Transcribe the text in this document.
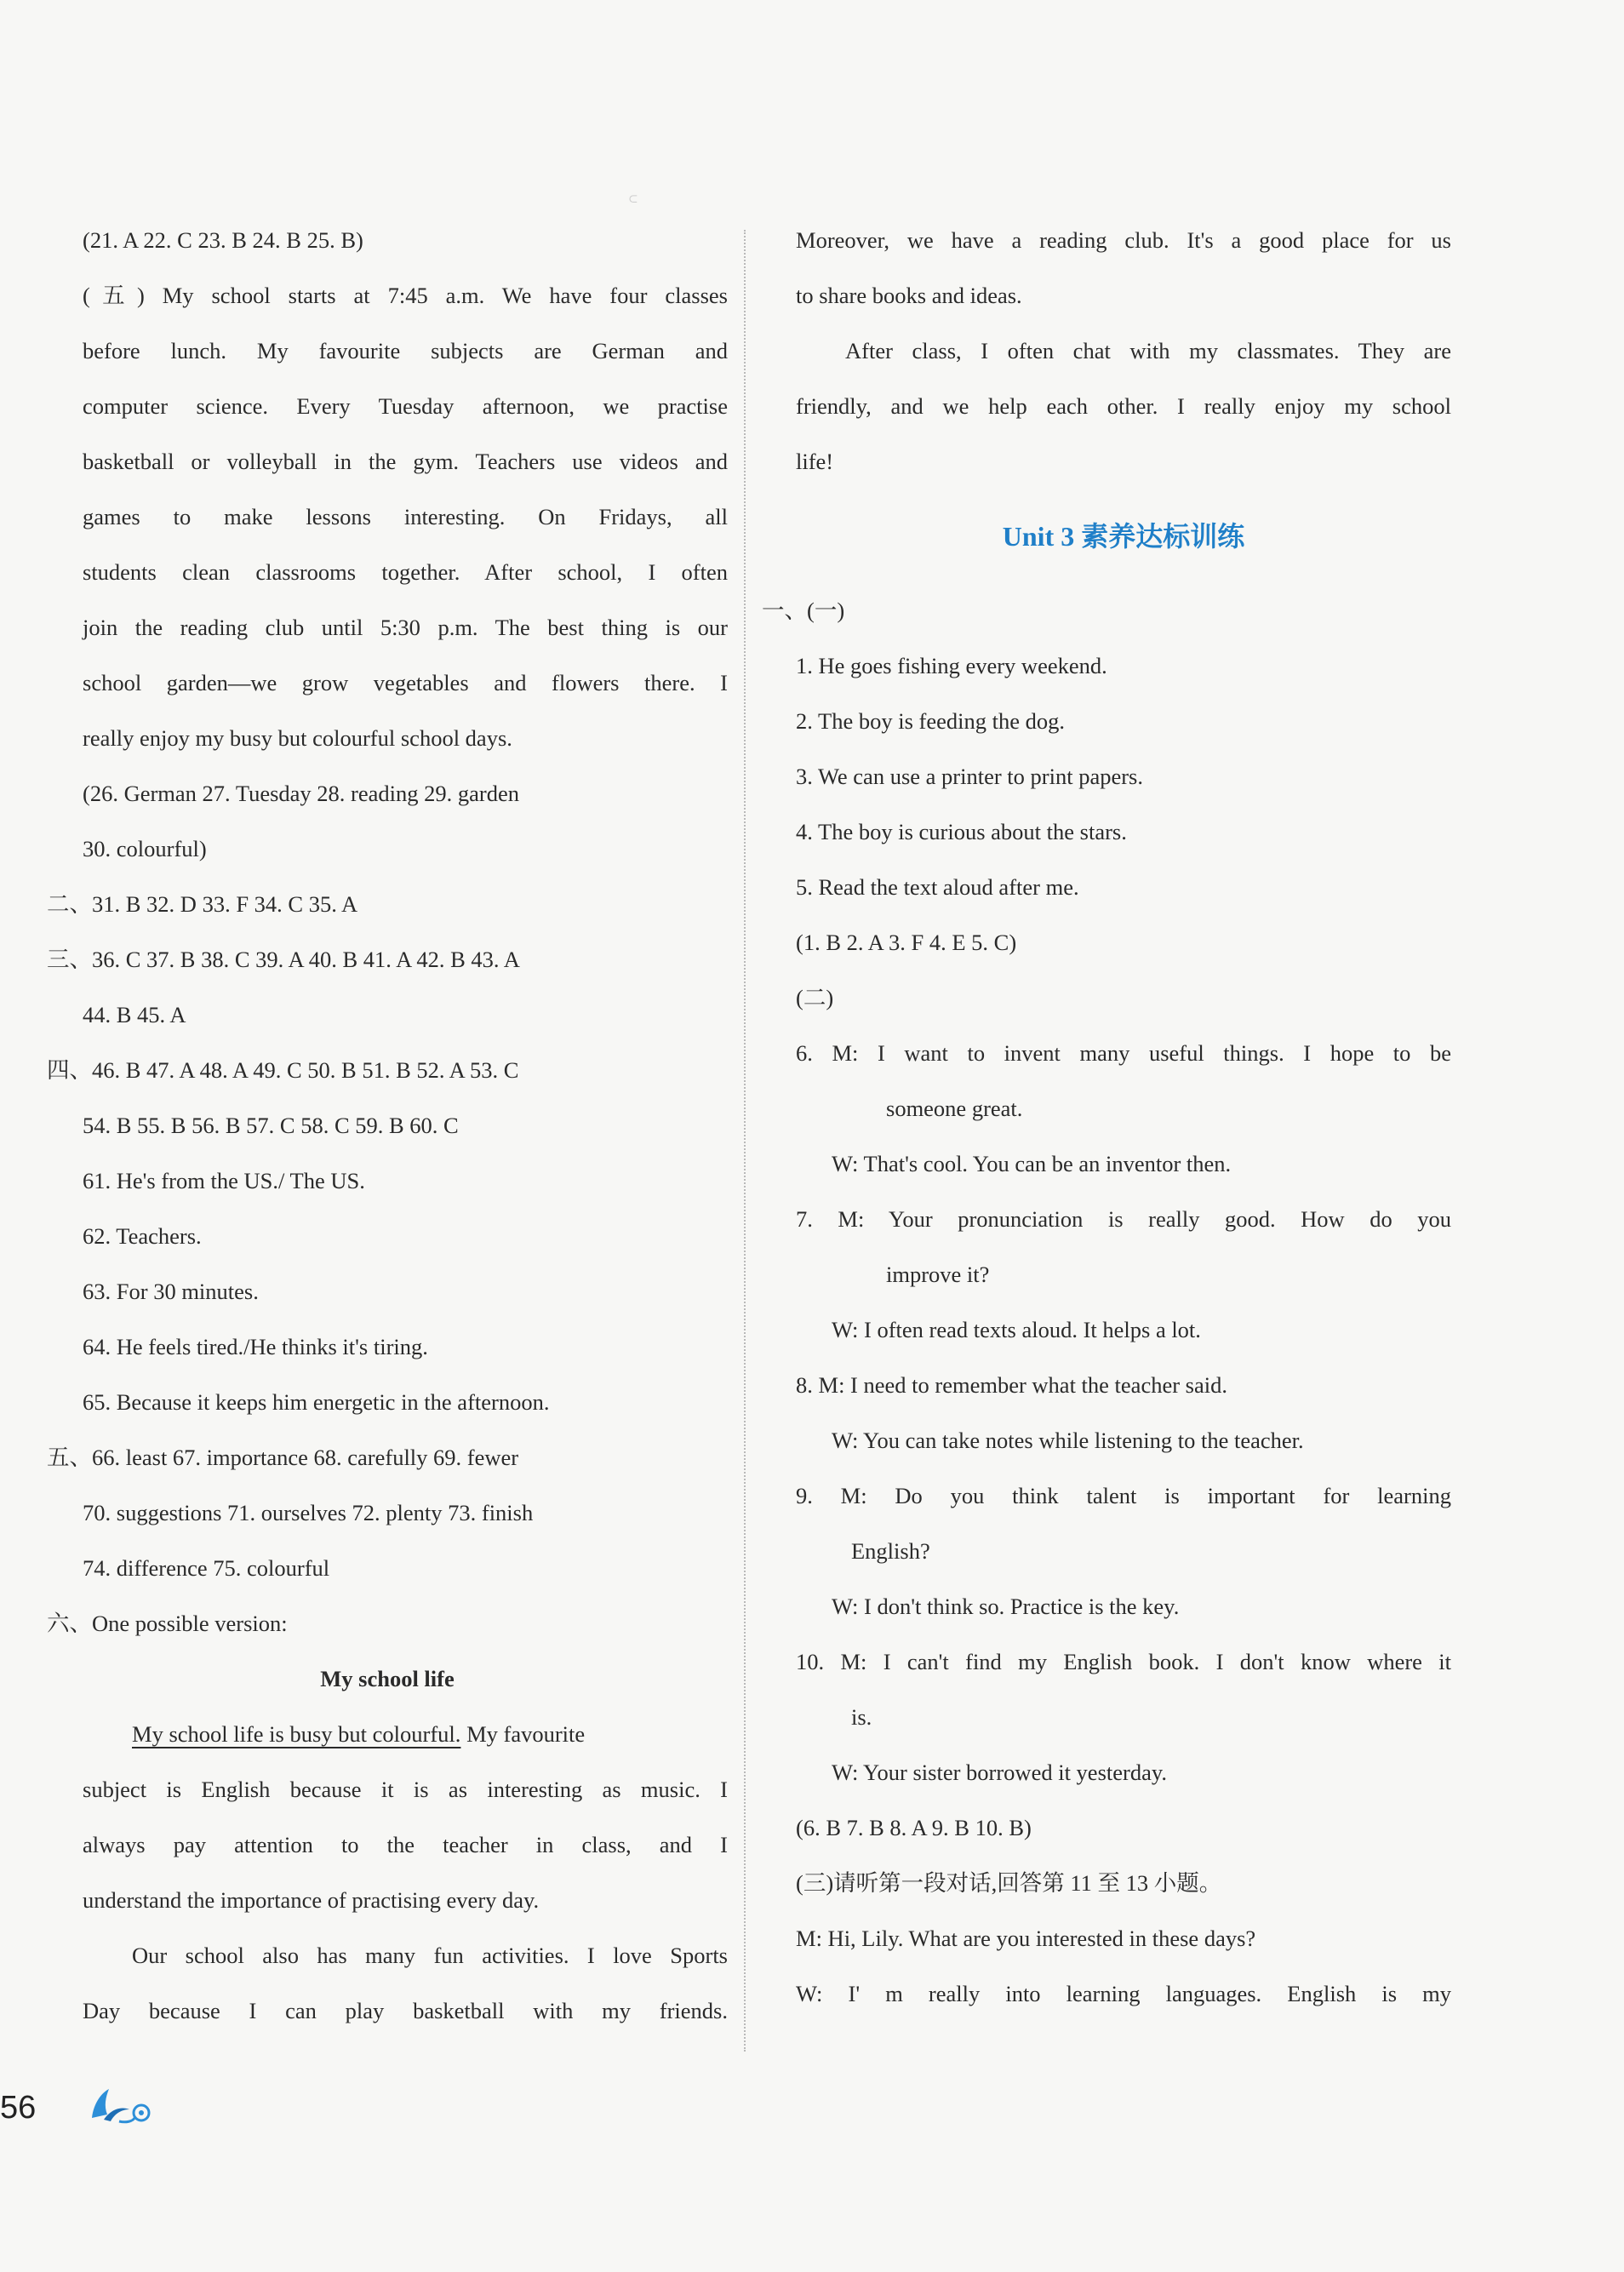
⊂
(21. A 22. C 23. B 24. B 25. B)
(五) My school starts at 7:45 a.m. We have four classes
before lunch. My favourite subjects are German and
computer science. Every Tuesday afternoon, we practise
basketball or volleyball in the gym. Teachers use videos and
games to make lessons interesting. On Fridays, all
students clean classrooms together. After school, I often
join the reading club until 5:30 p.m. The best thing is our
school garden—we grow vegetables and flowers there. I
really enjoy my busy but colourful school days.
(26. German 27. Tuesday 28. reading 29. garden
30. colourful)
二、31. B 32. D 33. F 34. C 35. A
三、36. C 37. B 38. C 39. A 40. B 41. A 42. B 43. A
44. B 45. A
四、46. B 47. A 48. A 49. C 50. B 51. B 52. A 53. C
54. B 55. B 56. B 57. C 58. C 59. B 60. C
61. He's from the US./ The US.
62. Teachers.
63. For 30 minutes.
64. He feels tired./He thinks it's tiring.
65. Because it keeps him energetic in the afternoon.
五、66. least 67. importance 68. carefully 69. fewer
70. suggestions 71. ourselves 72. plenty 73. finish
74. difference 75. colourful
六、One possible version:
My school life
My school life is busy but colourful. My favourite
subject is English because it is as interesting as music. I
always pay attention to the teacher in class, and I
understand the importance of practising every day.
Our school also has many fun activities. I love Sports
Day because I can play basketball with my friends.
Moreover, we have a reading club. It's a good place for us
to share books and ideas.
After class, I often chat with my classmates. They are
friendly, and we help each other. I really enjoy my school
life!
Unit 3 素养达标训练
一、(一)
1. He goes fishing every weekend.
2. The boy is feeding the dog.
3. We can use a printer to print papers.
4. The boy is curious about the stars.
5. Read the text aloud after me.
(1. B 2. A 3. F 4. E 5. C)
(二)
6. M: I want to invent many useful things. I hope to be
someone great.
W: That's cool. You can be an inventor then.
7. M: Your pronunciation is really good. How do you
improve it?
W: I often read texts aloud. It helps a lot.
8. M: I need to remember what the teacher said.
W: You can take notes while listening to the teacher.
9. M: Do you think talent is important for learning
English?
W: I don't think so. Practice is the key.
10. M: I can't find my English book. I don't know where it
is.
W: Your sister borrowed it yesterday.
(6. B 7. B 8. A 9. B 10. B)
(三)请听第一段对话,回答第 11 至 13 小题。
M: Hi, Lily. What are you interested in these days?
W: I' m really into learning languages. English is my
56
